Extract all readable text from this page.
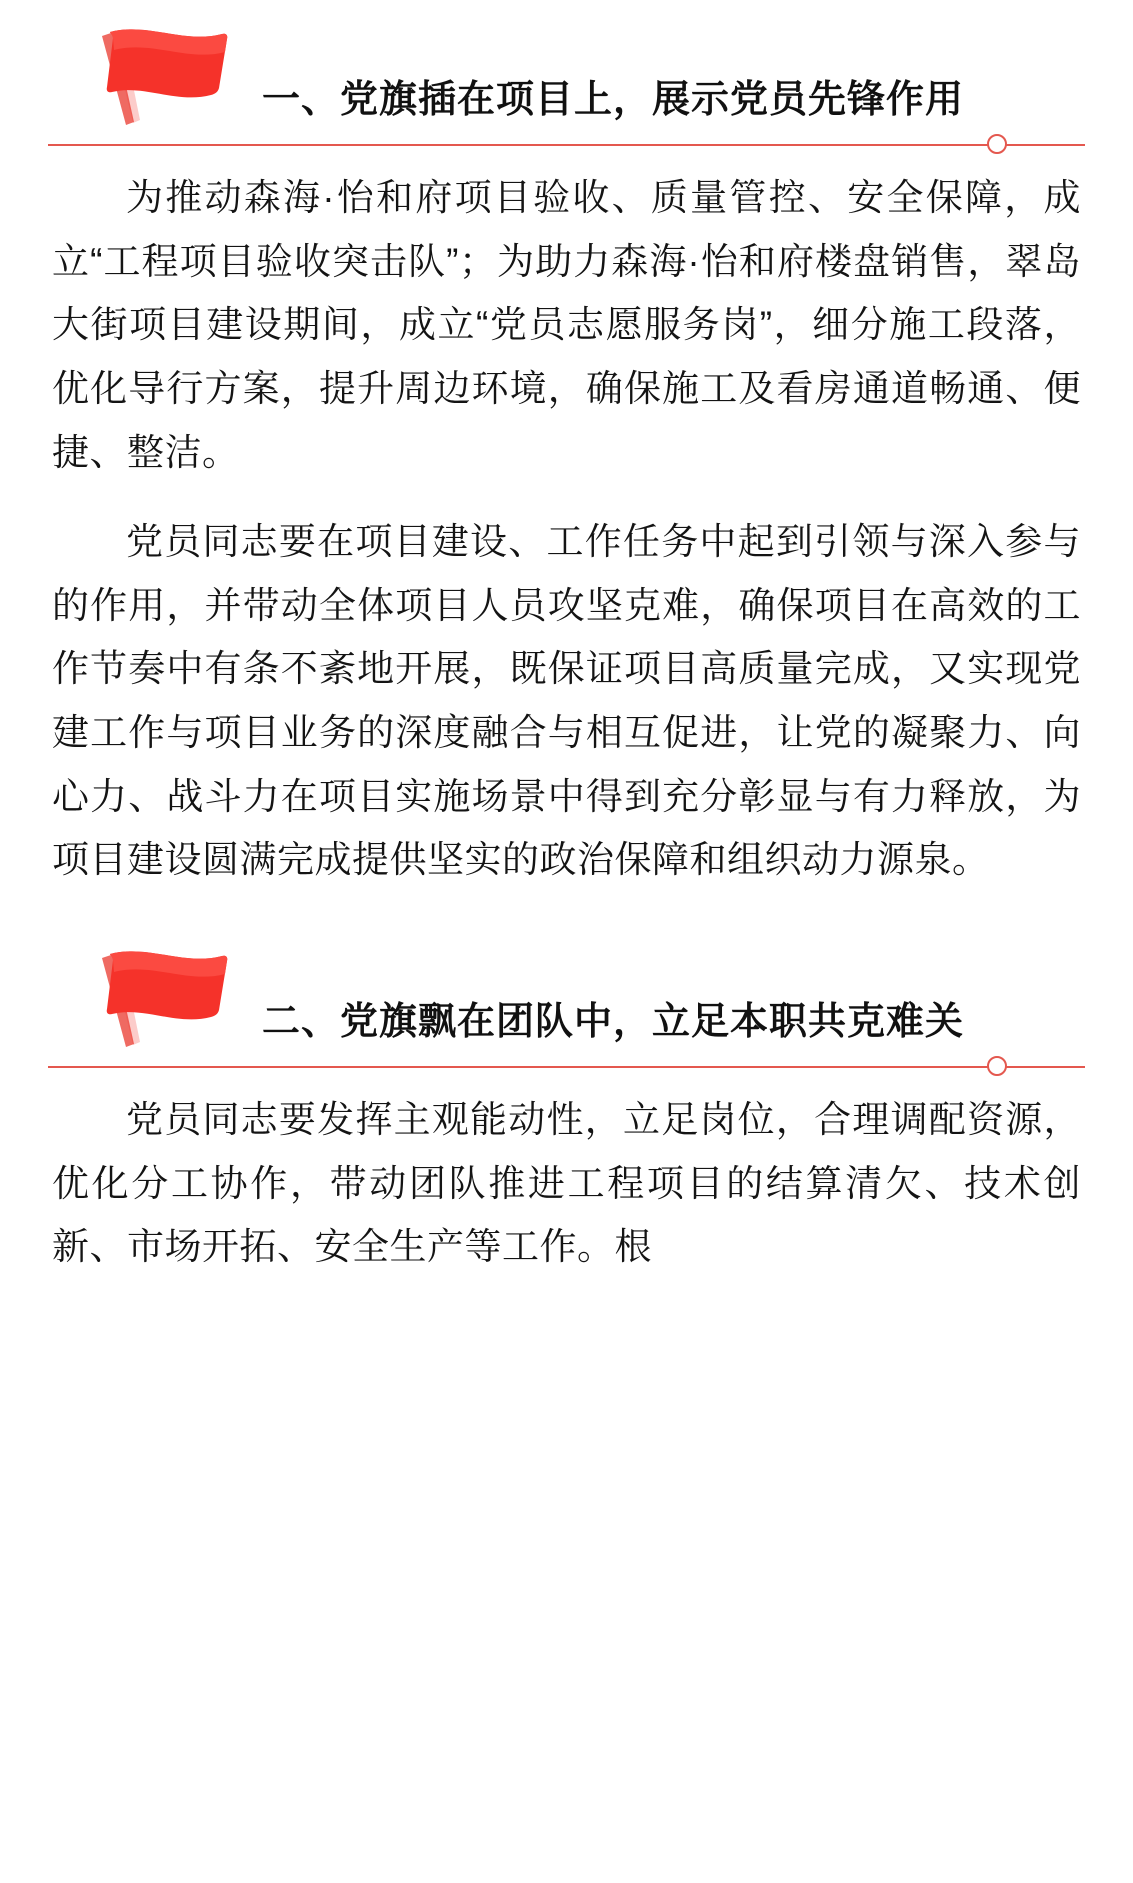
一、党旗插在项目上，展示党员先锋作用

为推动森海·怡和府项目验收、质量管控、安全保障，成立“工程项目验收突击队”；为助力森海·怡和府楼盘销售，翠岛大街项目建设期间，成立“党员志愿服务岗”，细分施工段落，优化导行方案，提升周边环境，确保施工及看房通道畅通、便捷、整洁。

党员同志要在项目建设、工作任务中起到引领与深入参与的作用，并带动全体项目人员攻坚克难，确保项目在高效的工作节奏中有条不紊地开展，既保证项目高质量完成，又实现党建工作与项目业务的深度融合与相互促进，让党的凝聚力、向心力、战斗力在项目实施场景中得到充分彰显与有力释放，为项目建设圆满完成提供坚实的政治保障和组织动力源泉。

二、党旗飘在团队中，立足本职共克难关

党员同志要发挥主观能动性，立足岗位，合理调配资源，优化分工协作，带动团队推进工程项目的结算清欠、技术创新、市场开拓、安全生产等工作。根
